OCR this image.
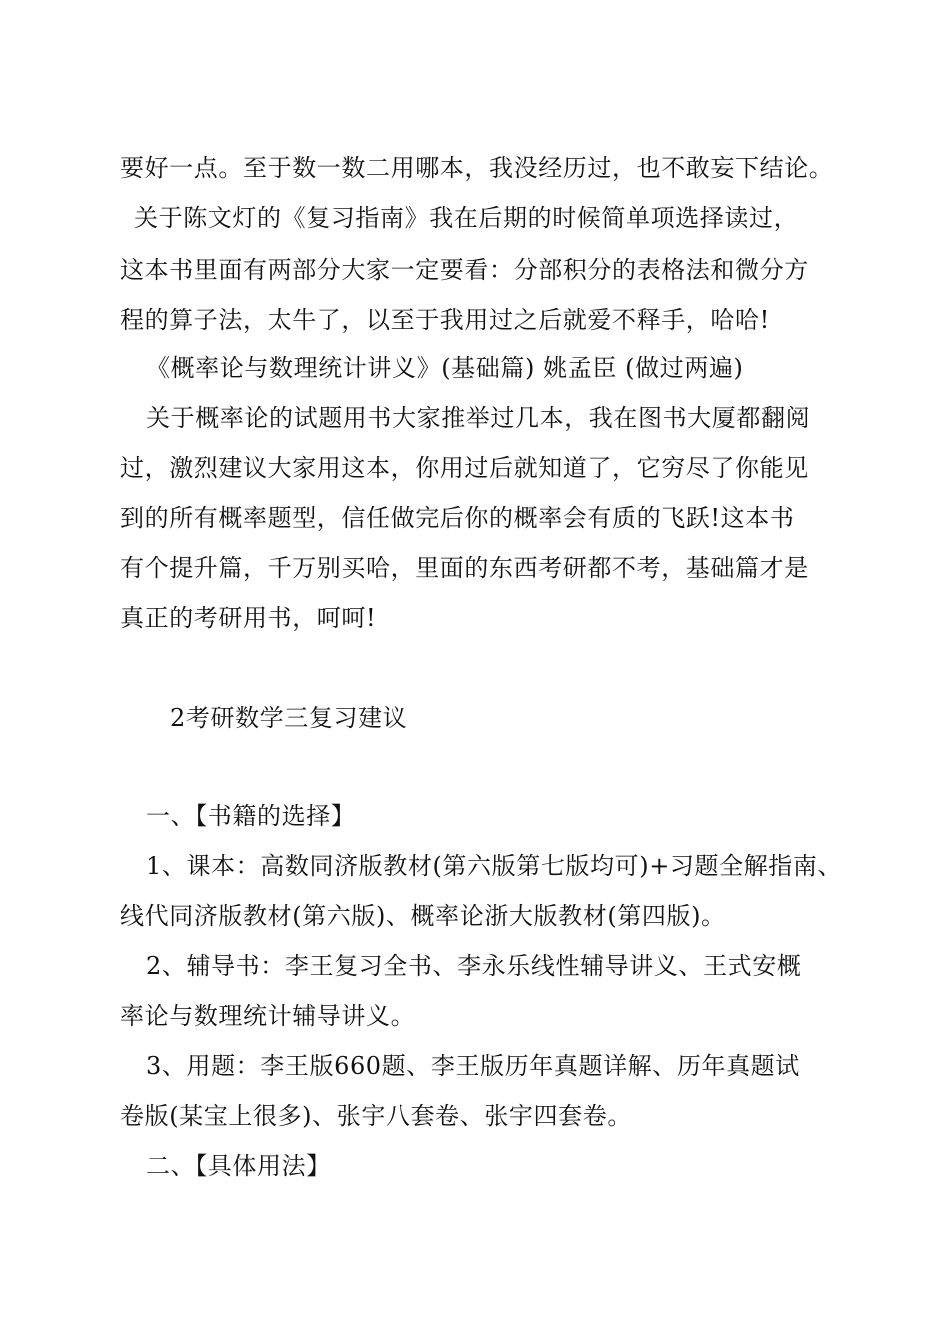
要好一点。至于数一数二用哪本，我没经历过，也不敢妄下结论。
关于陈文灯的《复习指南》我在后期的时候简单项选择读过，
这本书里面有两部分大家一定要看：分部积分的表格法和微分方
程的算子法，太牛了，以至于我用过之后就爱不释手，哈哈!
《概率论与数理统计讲义》(基础篇) 姚孟臣 (做过两遍)
关于概率论的试题用书大家推举过几本，我在图书大厦都翻阅
过，激烈建议大家用这本，你用过后就知道了，它穷尽了你能见
到的所有概率题型，信任做完后你的概率会有质的飞跃!这本书
有个提升篇，千万别买哈，里面的东西考研都不考，基础篇才是
真正的考研用书，呵呵!
2考研数学三复习建议
一、【书籍的选择】
1、课本：高数同济版教材(第六版第七版均可)+习题全解指南、
线代同济版教材(第六版)、概率论浙大版教材(第四版)。
2、辅导书：李王复习全书、李永乐线性辅导讲义、王式安概
率论与数理统计辅导讲义。
3、用题：李王版660题、李王版历年真题详解、历年真题试
卷版(某宝上很多)、张宇八套卷、张宇四套卷。
二、【具体用法】
